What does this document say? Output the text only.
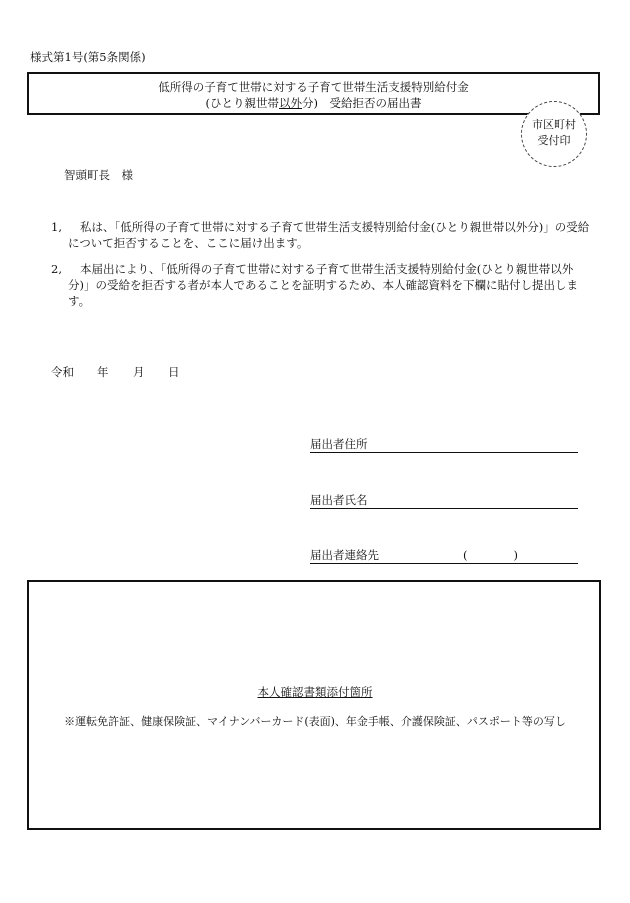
様式第1号(第5条関係)
低所得の子育て世帯に対する子育て世帯生活支援特別給付金
(ひとり親世帯以外分)　受給拒否の届出書
市区町村
受付印
智頭町長　様
1,	私は、「低所得の子育て世帯に対する子育て世帯生活支援特別給付金(ひとり親世帯以外分)」の受給について拒否することを、ここに届け出ます。
2,	本届出により、「低所得の子育て世帯に対する子育て世帯生活支援特別給付金(ひとり親世帯以外分)」の受給を拒否する者が本人であることを証明するため、本人確認資料を下欄に貼付し提出します。
令和 年 月 日
届出者住所
届出者氏名
届出者連絡先	(　　　　)
本人確認書類添付箇所
※運転免許証、健康保険証、マイナンバーカード(表面)、年金手帳、介護保険証、パスポート等の写し
